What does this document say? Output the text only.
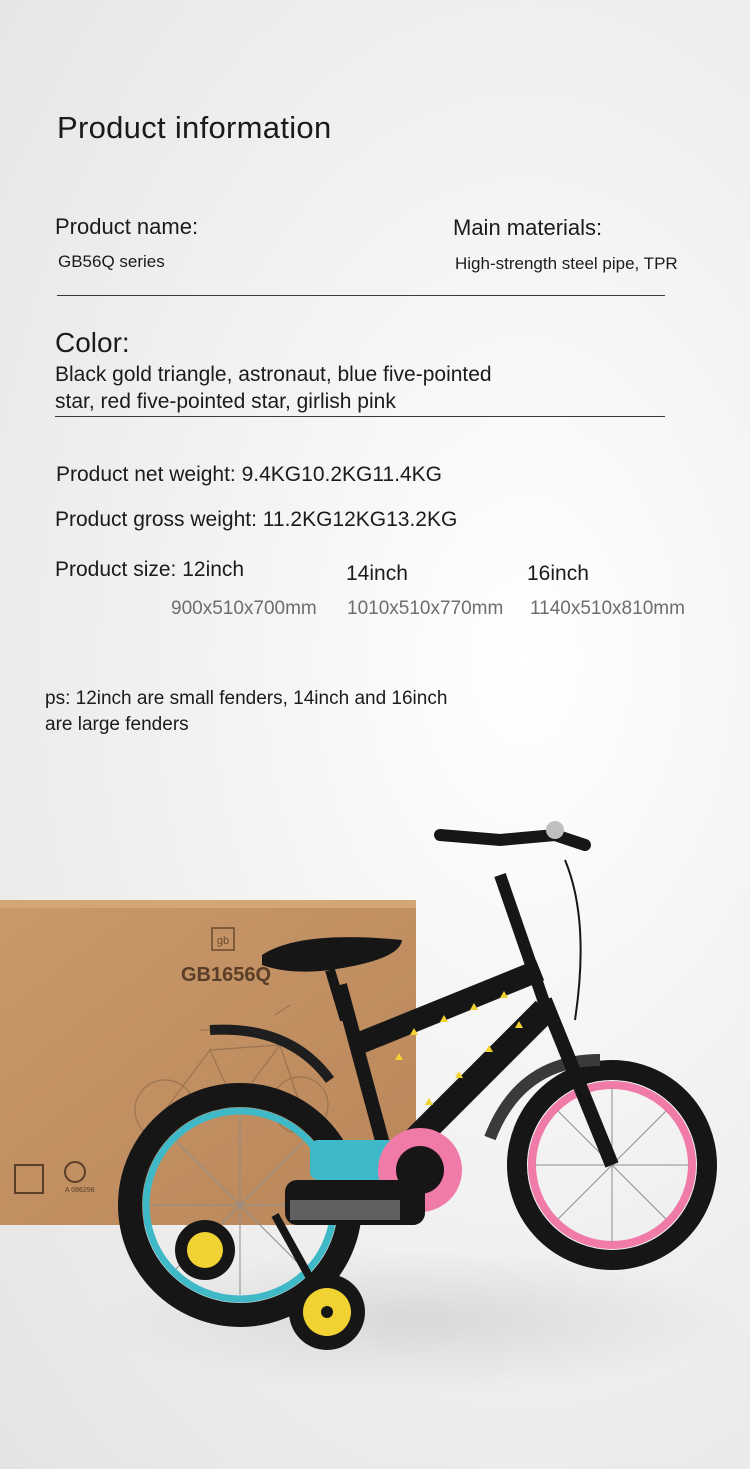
Product information
Product name:
GB56Q series
Main materials:
High-strength steel pipe, TPR
Color:
Black gold triangle, astronaut, blue five-pointed
star, red five-pointed star, girlish pink
Product net weight: 9.4KG10.2KG11.4KG
Product gross weight: 11.2KG12KG13.2KG
Product size: 12inch	14inch	16inch
900x510x700mm 1010x510x770mm 1140x510x810mm
ps: 12inch are small fenders, 14inch and 16inch
are large fenders
gb
GB1656Q
A 086298
